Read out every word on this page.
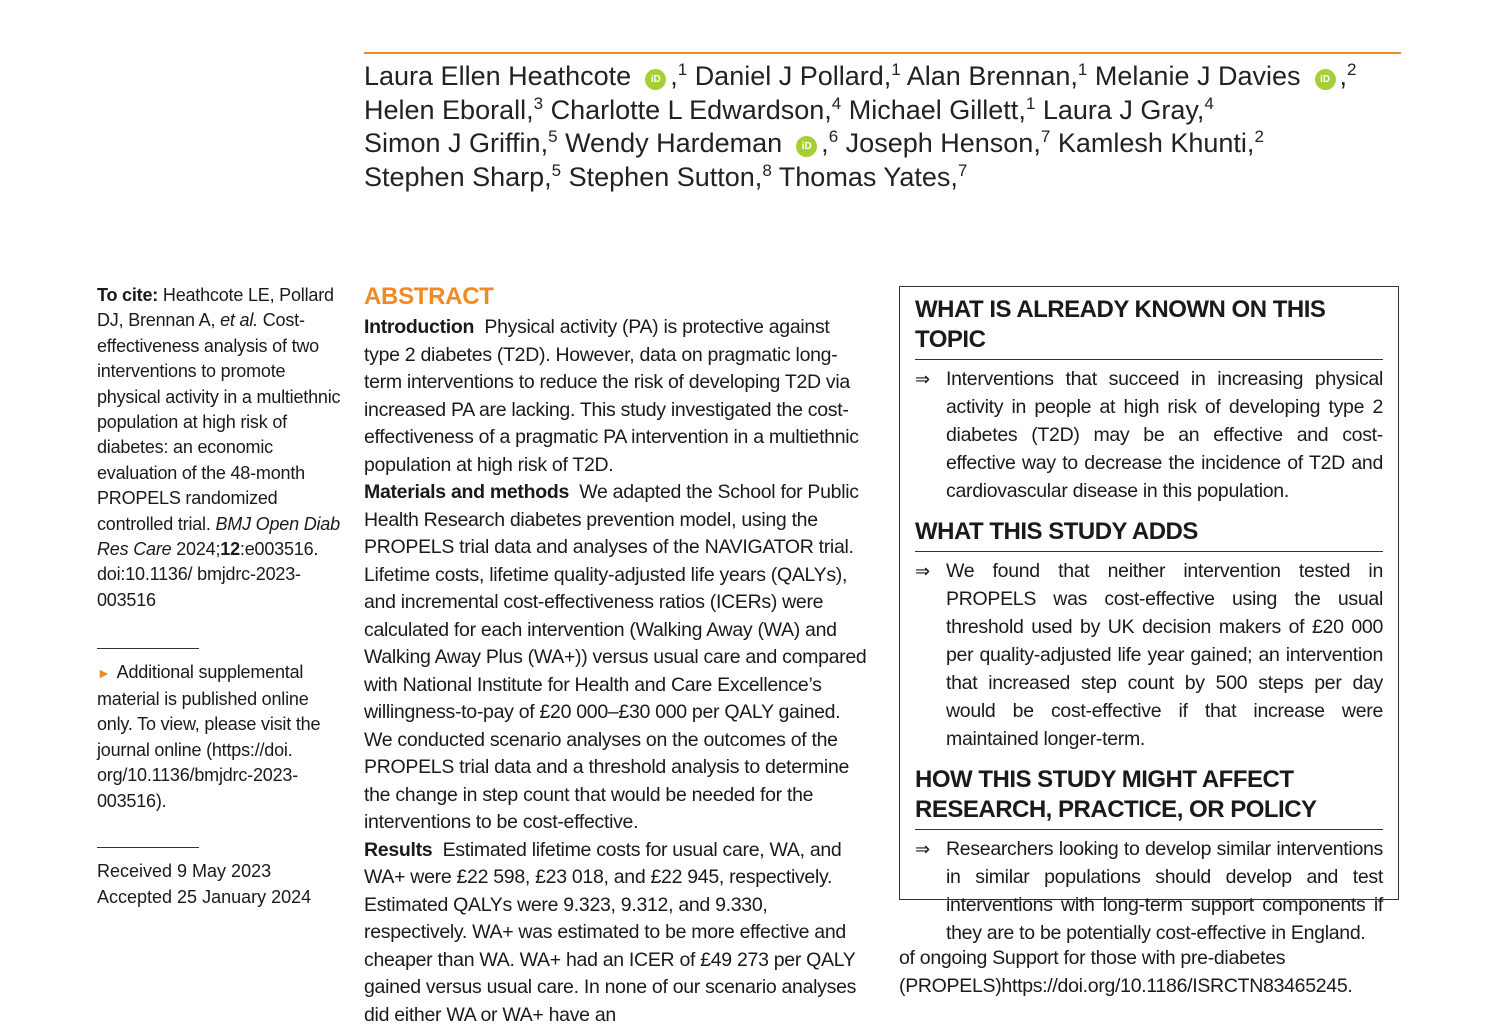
Laura Ellen Heathcote iD ,$^1$ Daniel J Pollard,$^1$ Alan Brennan,$^1$ Melanie J Davies iD ,$^2$
Helen Eborall,$^3$ Charlotte L Edwardson,$^4$ Michael Gillett,$^1$ Laura J Gray,$^4$
Simon J Griffin,$^5$ Wendy Hardeman iD ,$^6$ Joseph Henson,$^7$ Kamlesh Khunti,$^2$
Stephen Sharp,$^5$ Stephen Sutton,$^8$ Thomas Yates,$^7$
To cite: Heathcote LE, Pollard DJ, Brennan A, et al. Cost-effectiveness analysis of two interventions to promote physical activity in a multiethnic population at high risk of diabetes: an economic evaluation of the 48-month PROPELS randomized controlled trial. BMJ Open Diab Res Care 2024;12:e003516. doi:10.1136/ bmjdrc-2023-003516
► Additional supplemental material is published online only. To view, please visit the journal online (https://doi. org/10.1136/bmjdrc-2023- 003516).
Received 9 May 2023
Accepted 25 January 2024
ABSTRACT
Introduction Physical activity (PA) is protective against type 2 diabetes (T2D). However, data on pragmatic long-term interventions to reduce the risk of developing T2D via increased PA are lacking. This study investigated the cost-effectiveness of a pragmatic PA intervention in a multiethnic population at high risk of T2D.
Materials and methods We adapted the School for Public Health Research diabetes prevention model, using the PROPELS trial data and analyses of the NAVIGATOR trial. Lifetime costs, lifetime quality-adjusted life years (QALYs), and incremental cost-effectiveness ratios (ICERs) were calculated for each intervention (Walking Away (WA) and Walking Away Plus (WA+)) versus usual care and compared with National Institute for Health and Care Excellence’s willingness-to-pay of £20 000–£30 000 per QALY gained. We conducted scenario analyses on the outcomes of the PROPELS trial data and a threshold analysis to determine the change in step count that would be needed for the interventions to be cost-effective.
Results Estimated lifetime costs for usual care, WA, and WA+ were £22 598, £23 018, and £22 945, respectively. Estimated QALYs were 9.323, 9.312, and 9.330, respectively. WA+ was estimated to be more effective and cheaper than WA. WA+ had an ICER of £49 273 per QALY gained versus usual care. In none of our scenario analyses did either WA or WA+ have an
WHAT IS ALREADY KNOWN ON THIS TOPIC
⇒ Interventions that succeed in increasing physical activity in people at high risk of developing type 2 diabetes (T2D) may be an effective and cost-effective way to decrease the incidence of T2D and cardiovascular disease in this population.
WHAT THIS STUDY ADDS
⇒ We found that neither intervention tested in PROPELS was cost-effective using the usual threshold used by UK decision makers of £20 000 per quality-adjusted life year gained; an intervention that increased step count by 500 steps per day would be cost-effective if that increase were maintained longer-term.
HOW THIS STUDY MIGHT AFFECT RESEARCH, PRACTICE, OR POLICY
⇒ Researchers looking to develop similar interventions in similar populations should develop and test interventions with long-term support components if they are to be potentially cost-effective in England.
of ongoing Support for those with pre-diabetes (PROPELS)https://doi.org/10.1186/ISRCTN83465245.
